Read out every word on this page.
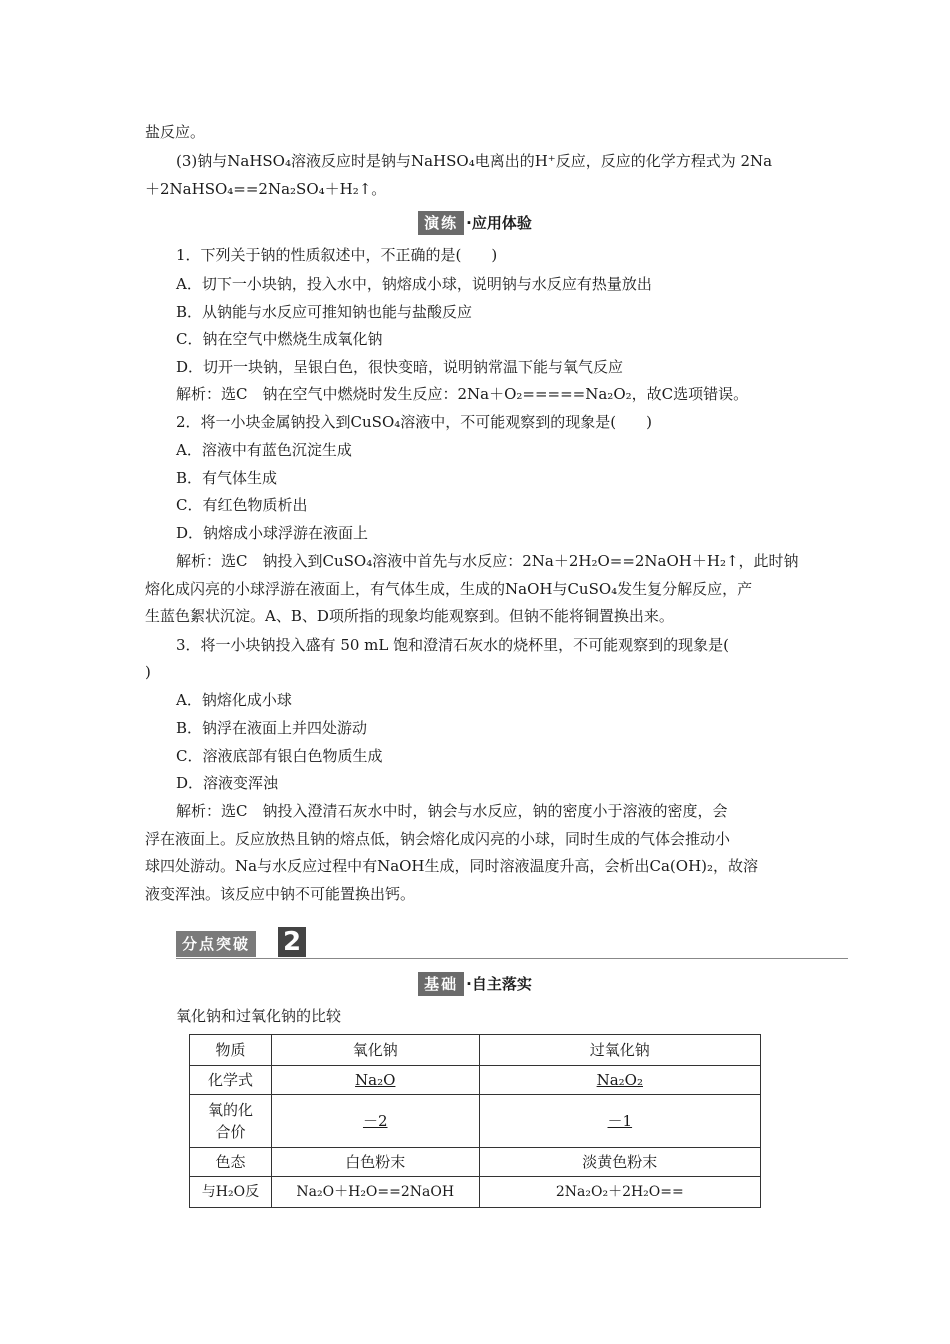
盐反应。
(3)钠与NaHSO₄溶液反应时是钠与NaHSO₄电离出的H⁺反应，反应的化学方程式为 2Na
＋2NaHSO₄==2Na₂SO₄＋H₂↑。
演练 ·应用体验
1．下列关于钠的性质叙述中，不正确的是(　　)
A．切下一小块钠，投入水中，钠熔成小球，说明钠与水反应有热量放出
B．从钠能与水反应可推知钠也能与盐酸反应
C．钠在空气中燃烧生成氧化钠
D．切开一块钠，呈银白色，很快变暗，说明钠常温下能与氧气反应
解析：选C　钠在空气中燃烧时发生反应：2Na＋O₂=====Na₂O₂，故C选项错误。
2．将一小块金属钠投入到CuSO₄溶液中，不可能观察到的现象是(　　)
A．溶液中有蓝色沉淀生成
B．有气体生成
C．有红色物质析出
D．钠熔成小球浮游在液面上
解析：选C　钠投入到CuSO₄溶液中首先与水反应：2Na＋2H₂O==2NaOH＋H₂↑，此时钠
熔化成闪亮的小球浮游在液面上，有气体生成，生成的NaOH与CuSO₄发生复分解反应，产
生蓝色絮状沉淀。A、B、D项所指的现象均能观察到。但钠不能将铜置换出来。
3．将一小块钠投入盛有 50 mL 饱和澄清石灰水的烧杯里，不可能观察到的现象是(
)
A．钠熔化成小球
B．钠浮在液面上并四处游动
C．溶液底部有银白色物质生成
D．溶液变浑浊
解析：选C　钠投入澄清石灰水中时，钠会与水反应，钠的密度小于溶液的密度，会
浮在液面上。反应放热且钠的熔点低，钠会熔化成闪亮的小球，同时生成的气体会推动小
球四处游动。Na与水反应过程中有NaOH生成，同时溶液温度升高，会析出Ca(OH)₂，故溶
液变浑浊。该反应中钠不可能置换出钙。
分点突破 2
基础 ·自主落实
氧化钠和过氧化钠的比较
物质	氧化钠	过氧化钠
化学式	Na₂O	Na₂O₂
氧的化合价	－2	－1
色态	白色粉末	淡黄色粉末
与H₂O反	Na₂O＋H₂O==2NaOH	2Na₂O₂＋2H₂O==
